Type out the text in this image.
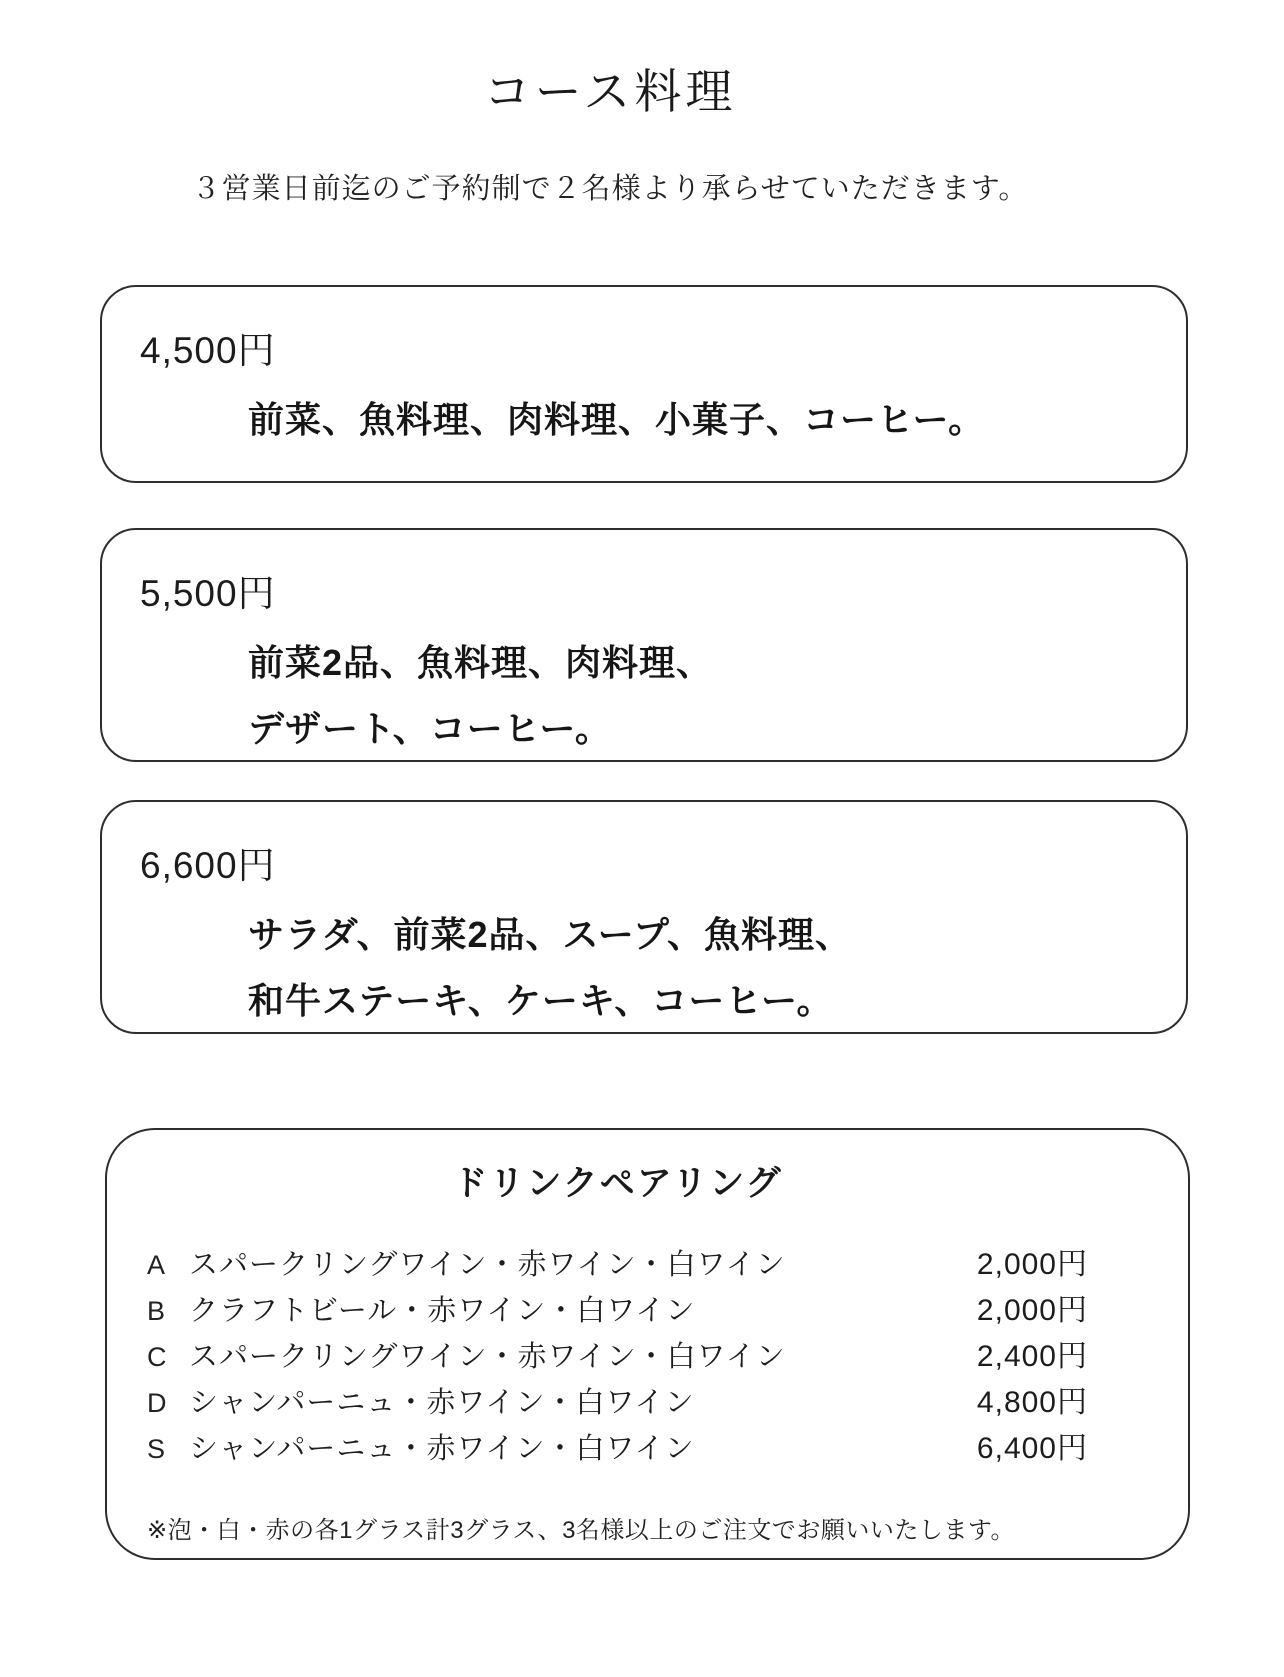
コース料理
３営業日前迄のご予約制で２名様より承らせていただきます。
4,500円
前菜、魚料理、肉料理、小菓子、コーヒー。
5,500円
前菜2品、魚料理、肉料理、
デザート、コーヒー。
6,600円
サラダ、前菜2品、スープ、魚料理、
和牛ステーキ、ケーキ、コーヒー。
ドリンクペアリング
A スパークリングワイン・赤ワイン・白ワイン	2,000円
B クラフトビール・赤ワイン・白ワイン	2,000円
C スパークリングワイン・赤ワイン・白ワイン	2,400円
D シャンパーニュ・赤ワイン・白ワイン	4,800円
S シャンパーニュ・赤ワイン・白ワイン	6,400円
※泡・白・赤の各1グラス計3グラス、3名様以上のご注文でお願いいたします。
